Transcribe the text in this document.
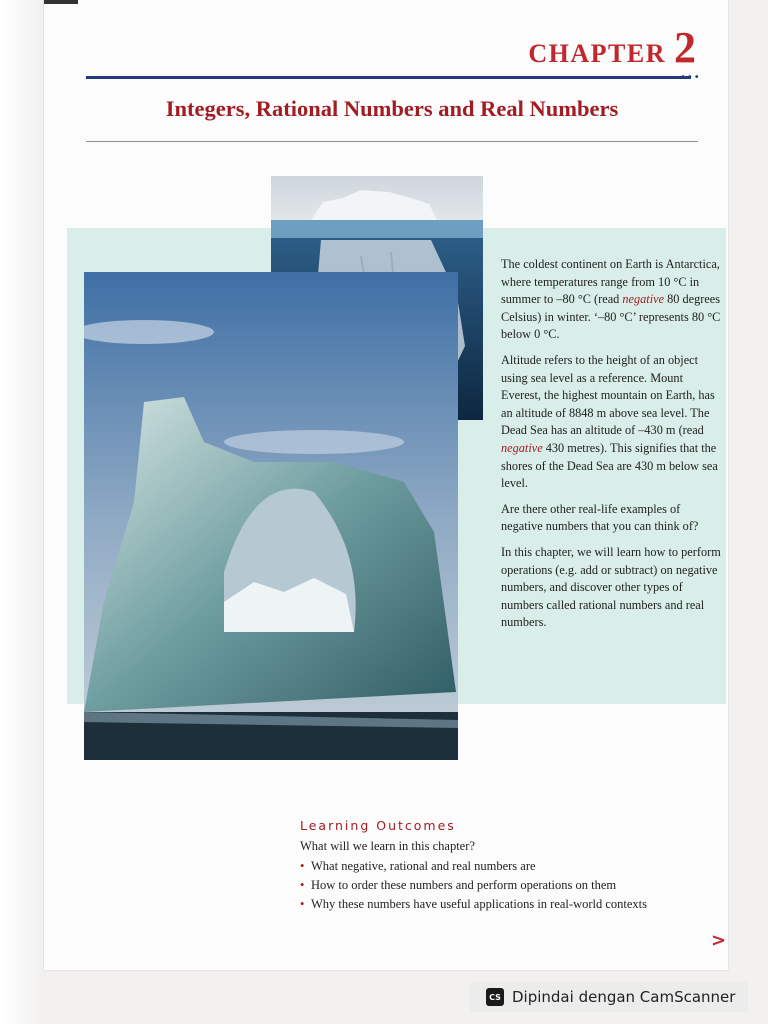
CHAPTER 2
•••
Integers, Rational Numbers and Real Numbers

The coldest continent on Earth is Antarctica, where temperatures range from 10 °C in summer to –80 °C (read negative 80 degrees Celsius) in winter. ‘–80 °C’ represents 80 °C below 0 °C.

Altitude refers to the height of an object using sea level as a reference. Mount Everest, the highest mountain on Earth, has an altitude of 8848 m above sea level. The Dead Sea has an altitude of –430 m (read negative 430 metres). This signifies that the shores of the Dead Sea are 430 m below sea level.

Are there other real-life examples of negative numbers that you can think of?

In this chapter, we will learn how to perform operations (e.g. add or subtract) on negative numbers, and discover other types of numbers called rational numbers and real numbers.

Learning Outcomes
What will we learn in this chapter?
• What negative, rational and real numbers are
• How to order these numbers and perform operations on them
• Why these numbers have useful applications in real-world contexts
>
CS Dipindai dengan CamScanner
